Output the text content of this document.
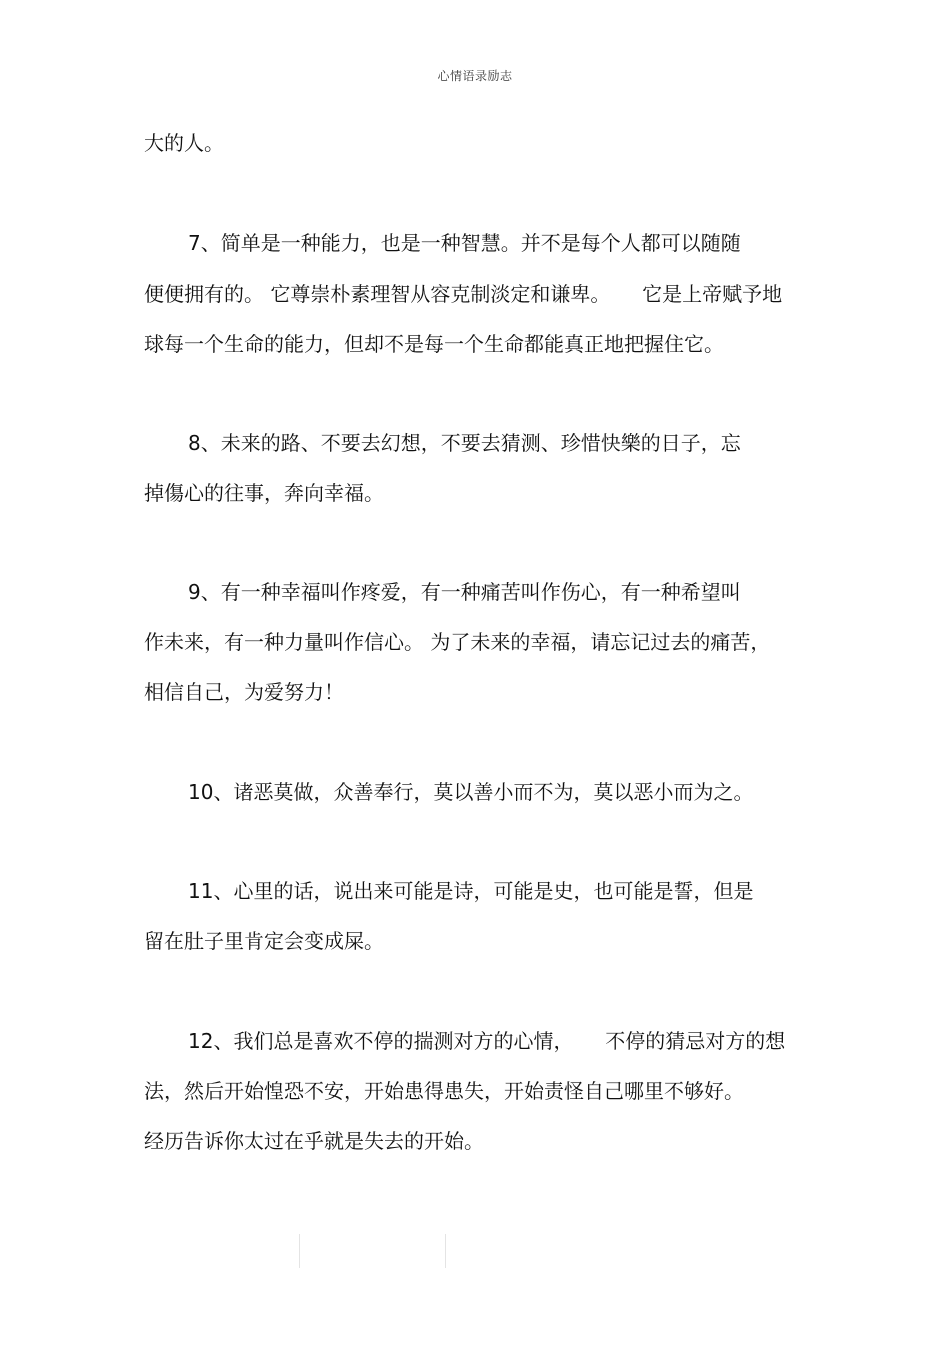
心情语录励志
大的人。
7、简单是一种能力，也是一种智慧。并不是每个人都可以随随
便便拥有的。 它尊崇朴素理智从容克制淡定和谦卑。     它是上帝赋予地
球每一个生命的能力，但却不是每一个生命都能真正地把握住它。
8、未来的路、不要去幻想，不要去猜测、珍惜快樂的日子，忘
掉傷心的往事，奔向幸福。
9、有一种幸福叫作疼爱，有一种痛苦叫作伤心，有一种希望叫
作未来，有一种力量叫作信心。 为了未来的幸福，请忘记过去的痛苦，
相信自己，为爱努力！
10、诸恶莫做，众善奉行，莫以善小而不为，莫以恶小而为之。
11、心里的话，说出来可能是诗，可能是史，也可能是誓，但是
留在肚子里肯定会变成屎。
12、我们总是喜欢不停的揣测对方的心情，     不停的猜忌对方的想
法，然后开始惶恐不安，开始患得患失，开始责怪自己哪里不够好。
经历告诉你太过在乎就是失去的开始。
